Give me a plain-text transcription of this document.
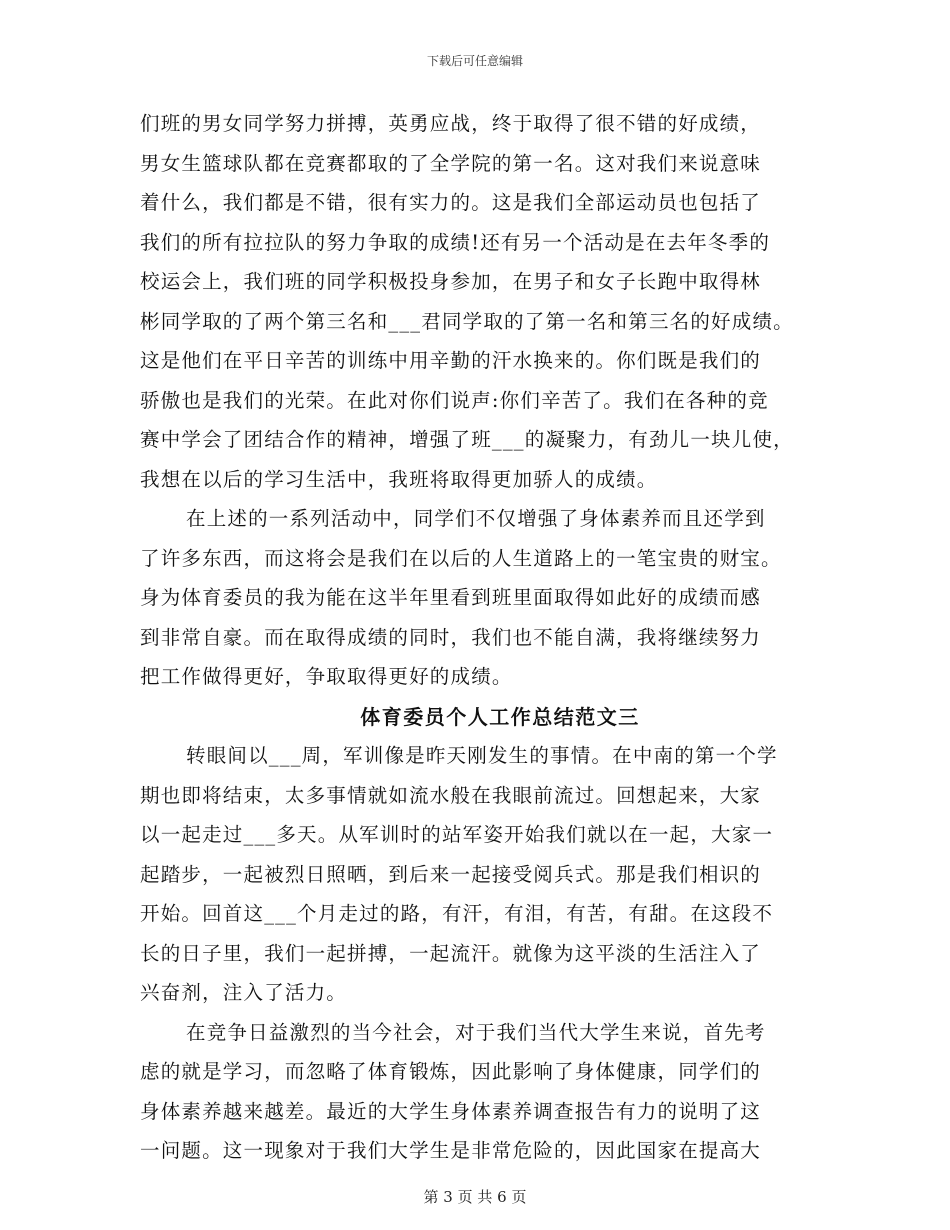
下载后可任意编辑
们班的男女同学努力拼搏，英勇应战，终于取得了很不错的好成绩，
男女生篮球队都在竞赛都取的了全学院的第一名。这对我们来说意味
着什么，我们都是不错，很有实力的。这是我们全部运动员也包括了
我们的所有拉拉队的努力争取的成绩!还有另一个活动是在去年冬季的
校运会上，我们班的同学积极投身参加，在男子和女子长跑中取得林
彬同学取的了两个第三名和___君同学取的了第一名和第三名的好成绩。
这是他们在平日辛苦的训练中用辛勤的汗水换来的。你们既是我们的
骄傲也是我们的光荣。在此对你们说声:你们辛苦了。我们在各种的竞
赛中学会了团结合作的精神，增强了班___的凝聚力，有劲儿一块儿使，
我想在以后的学习生活中，我班将取得更加骄人的成绩。
在上述的一系列活动中，同学们不仅增强了身体素养而且还学到
了许多东西，而这将会是我们在以后的人生道路上的一笔宝贵的财宝。
身为体育委员的我为能在这半年里看到班里面取得如此好的成绩而感
到非常自豪。而在取得成绩的同时，我们也不能自满，我将继续努力
把工作做得更好，争取取得更好的成绩。
体育委员个人工作总结范文三
转眼间以___周，军训像是昨天刚发生的事情。在中南的第一个学
期也即将结束，太多事情就如流水般在我眼前流过。回想起来，大家
以一起走过___多天。从军训时的站军姿开始我们就以在一起，大家一
起踏步，一起被烈日照晒，到后来一起接受阅兵式。那是我们相识的
开始。回首这___个月走过的路，有汗，有泪，有苦，有甜。在这段不
长的日子里，我们一起拼搏，一起流汗。就像为这平淡的生活注入了
兴奋剂，注入了活力。
在竞争日益激烈的当今社会，对于我们当代大学生来说，首先考
虑的就是学习，而忽略了体育锻炼，因此影响了身体健康，同学们的
身体素养越来越差。最近的大学生身体素养调查报告有力的说明了这
一问题。这一现象对于我们大学生是非常危险的，因此国家在提高大
第 3 页 共 6 页
